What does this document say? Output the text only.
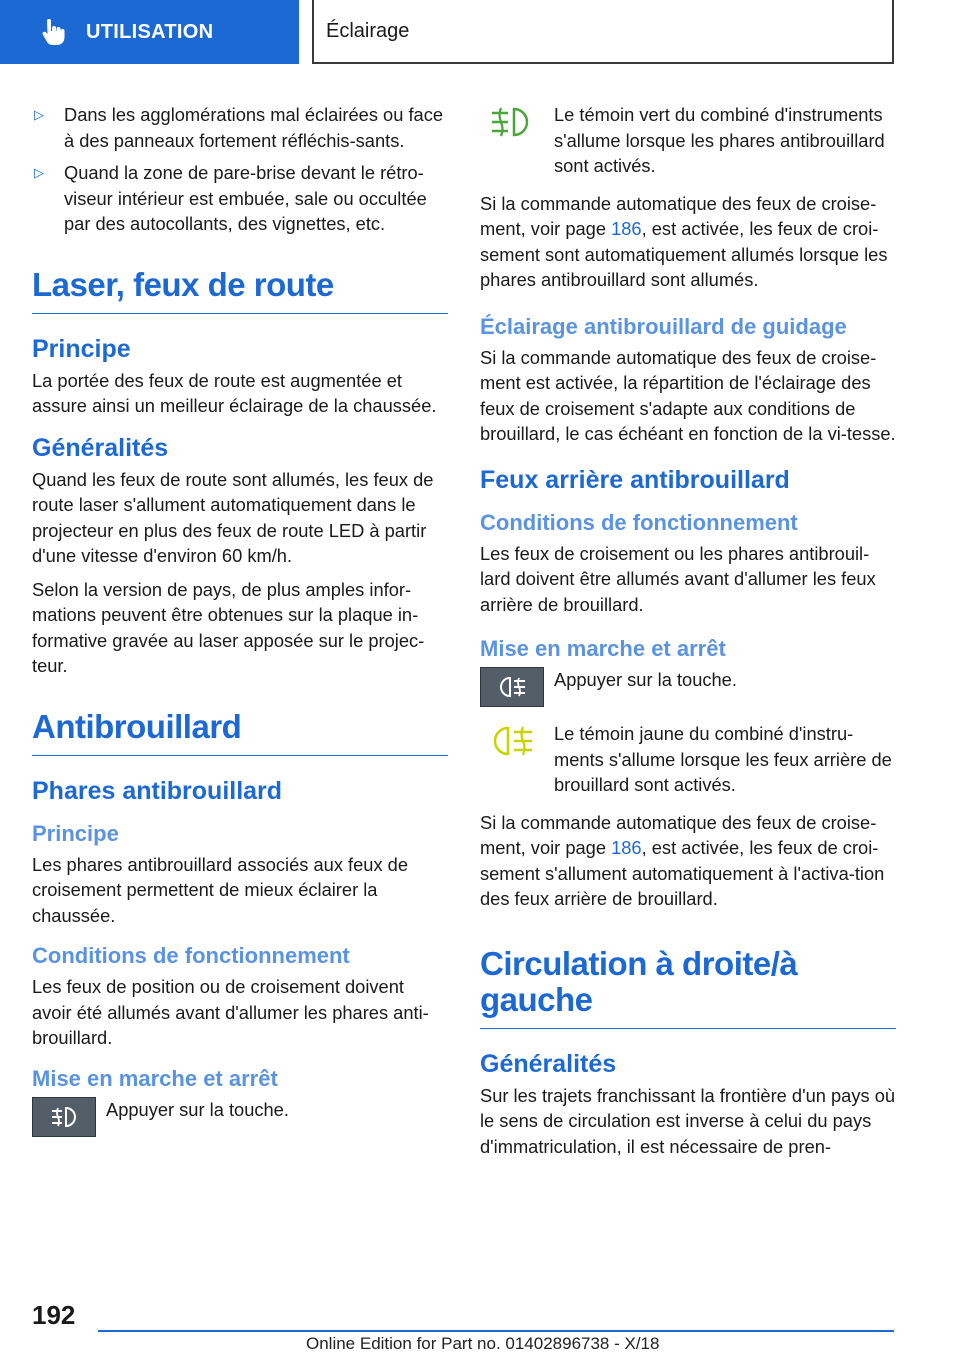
UTILISATION	Éclairage
▷	Dans les agglomérations mal éclairées ou face à des panneaux fortement réfléchis-sants.
▷	Quand la zone de pare-brise devant le rétro-viseur intérieur est embuée, sale ou occultée par des autocollants, des vignettes, etc.
Laser, feux de route
Principe

La portée des feux de route est augmentée et assure ainsi un meilleur éclairage de la chaussée.

Généralités

Quand les feux de route sont allumés, les feux de route laser s'allument automatiquement dans le projecteur en plus des feux de route LED à partir d'une vitesse d'environ 60 km/h.

Selon la version de pays, de plus amples infor-mations peuvent être obtenues sur la plaque in-formative gravée au laser apposée sur le projec-teur.

Antibrouillard
Phares antibrouillard
Principe

Les phares antibrouillard associés aux feux de croisement permettent de mieux éclairer la chaussée.

Conditions de fonctionnement

Les feux de position ou de croisement doivent avoir été allumés avant d'allumer les phares anti-brouillard.

Mise en marche et arrêt
Appuyer sur la touche.
Le témoin vert du combiné d'instruments s'allume lorsque les phares antibrouillard sont activés.

Si la commande automatique des feux de croise-ment, voir page 186, est activée, les feux de croi-sement sont automatiquement allumés lorsque les phares antibrouillard sont allumés.

Éclairage antibrouillard de guidage

Si la commande automatique des feux de croise-ment est activée, la répartition de l'éclairage des feux de croisement s'adapte aux conditions de brouillard, le cas échéant en fonction de la vi-tesse.

Feux arrière antibrouillard
Conditions de fonctionnement

Les feux de croisement ou les phares antibrouil-lard doivent être allumés avant d'allumer les feux arrière de brouillard.

Mise en marche et arrêt
Appuyer sur la touche.
Le témoin jaune du combiné d'instru-ments s'allume lorsque les feux arrière de brouillard sont activés.

Si la commande automatique des feux de croise-ment, voir page 186, est activée, les feux de croi-sement s'allument automatiquement à l'activa-tion des feux arrière de brouillard.

Circulation à droite/à gauche
Généralités

Sur les trajets franchissant la frontière d'un pays où le sens de circulation est inverse à celui du pays d'immatriculation, il est nécessaire de pren-

192
Online Edition for Part no. 01402896738 - X/18
